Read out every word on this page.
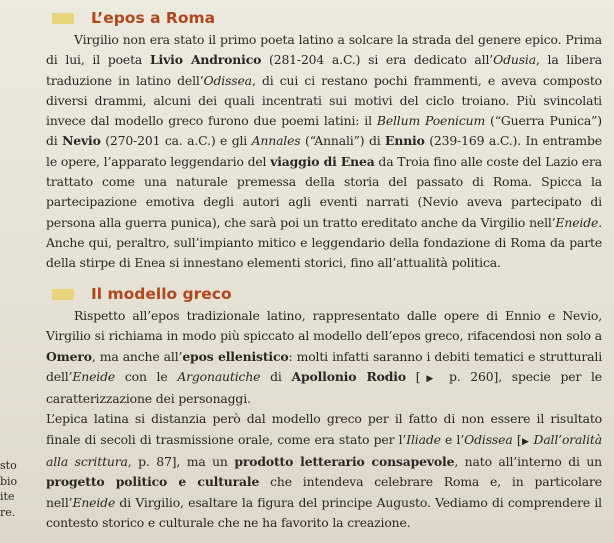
L’epos a Roma
Virgilio non era stato il primo poeta latino a solcare la strada del genere epico. Prima di lui, il poeta Livio Andronico (281-204 a.C.) si era dedicato all’Odusia, la libera traduzione in latino dell’Odissea, di cui ci restano pochi frammenti, e aveva composto diversi drammi, alcuni dei quali incentrati sui motivi del ciclo troiano. Più svincolati invece dal modello greco furono due poemi latini: il Bellum Poenicum (“Guerra Punica”) di Nevio (270-201 ca. a.C.) e gli Annales (“Annali”) di Ennio (239-169 a.C.). In entrambe le opere, l’apparato leggendario del viaggio di Enea da Troia fino alle coste del Lazio era trattato come una naturale premessa della storia del passato di Roma. Spicca la partecipazione emotiva degli autori agli eventi narrati (Nevio aveva partecipato di persona alla guerra punica), che sarà poi un tratto ereditato anche da Virgilio nell’Eneide. Anche qui, peraltro, sull’impianto mitico e leggendario della fondazione di Roma da parte della stirpe di Enea si innestano elementi storici, fino all’attualità politica.
Il modello greco

Rispetto all’epos tradizionale latino, rappresentato dalle opere di Ennio e Nevio, Virgilio si richiama in modo più spiccato al modello dell’epos greco, rifacendosi non solo a Omero, ma anche all’epos ellenistico: molti infatti saranno i debiti tematici e strutturali dell’Eneide con le Argonautiche di Apollonio Rodio [▶ p. 260], specie per le caratterizzazione dei personaggi.

L’epica latina si distanzia però dal modello greco per il fatto di non essere il risultato finale di secoli di trasmissione orale, come era stato per l’Iliade e l’Odissea [▶ Dall’oralità alla scrittura, p. 87], ma un prodotto letterario consapevole, nato all’interno di un progetto politico e culturale che intendeva celebrare Roma e, in particolare nell’Eneide di Virgilio, esaltare la figura del principe Augusto. Vediamo di comprendere il contesto storico e culturale che ne ha favorito la creazione.

sto
bio
ite
re.
